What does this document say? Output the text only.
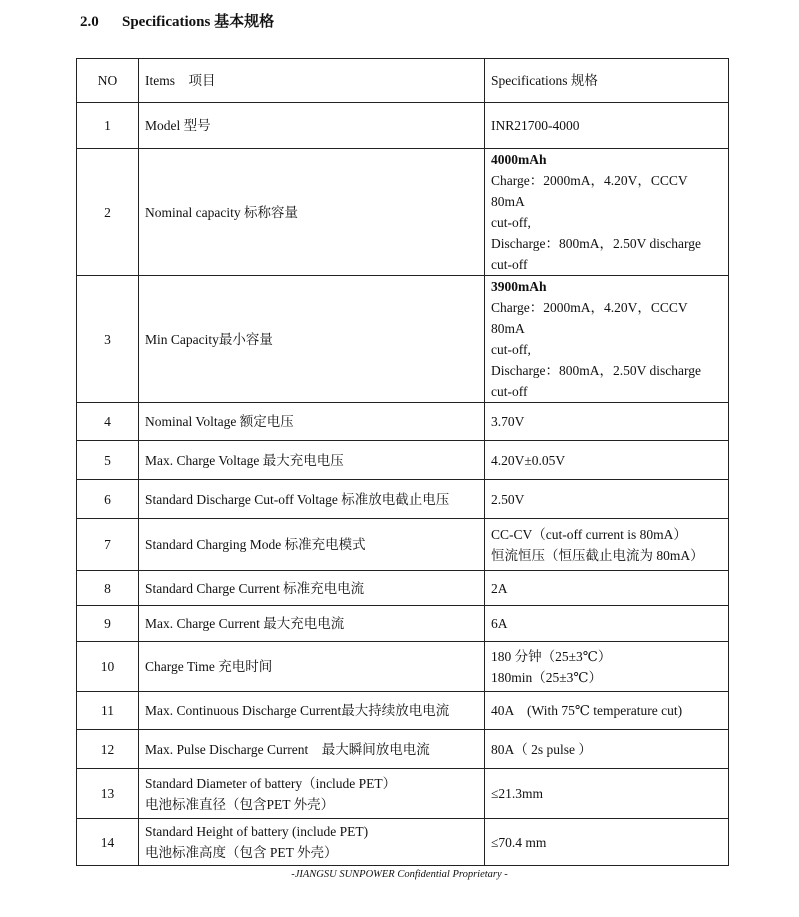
2.0 Specifications 基本规格
NO	Items　项目	Specifications 规格
1	Model 型号	INR21700-4000

2	Nominal capacity 标称容量	4000mAh
Charge：2000mA，4.20V，CCCV 80mA
cut-off,
Discharge：800mA，2.50V discharge
cut-off

3	Min Capacity最小容量	3900mAh
Charge：2000mA，4.20V，CCCV 80mA
cut-off,
Discharge：800mA，2.50V discharge
cut-off

4	Nominal Voltage 额定电压	3.70V

5	Max. Charge Voltage 最大充电电压	4.20V±0.05V

6	Standard Discharge Cut-off Voltage 标准放电截止电压	2.50V

7	Standard Charging Mode 标准充电模式	CC-CV（cut-off current is 80mA）
恒流恒压（恒压截止电流为 80mA）

8	Standard Charge Current 标准充电电流	2A

9	Max. Charge Current 最大充电电流	6A

10	Charge Time 充电时间	180 分钟（25±3℃）
180min（25±3℃）

11	Max. Continuous Discharge Current最大持续放电电流	40A　(With 75℃ temperature cut)

12	Max. Pulse Discharge Current　最大瞬间放电电流	80A（ 2s pulse ）

13	Standard Diameter of battery（include PET）
电池标准直径（包含PET 外壳）	≤21.3mm

14	Standard Height of battery (include PET)
电池标准高度（包含 PET 外壳）	≤70.4 mm
-JIANGSU SUNPOWER Confidential Proprietary -
